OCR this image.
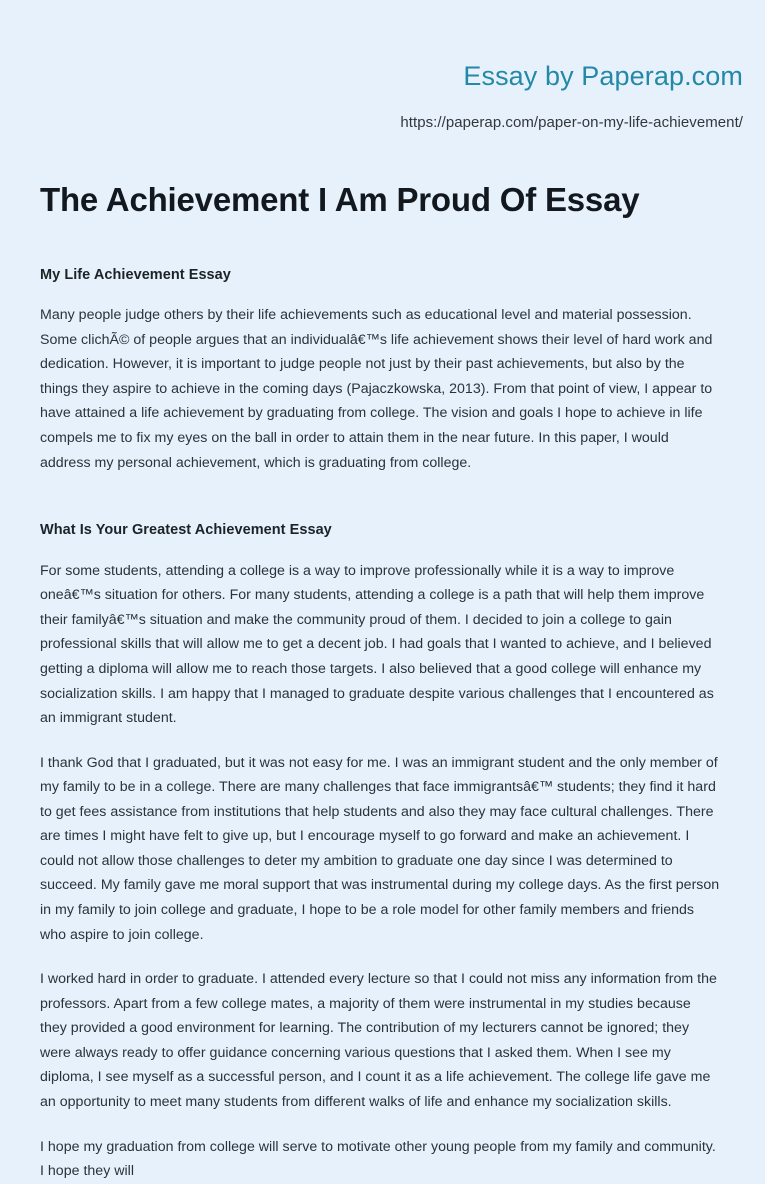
Essay by Paperap.com
https://paperap.com/paper-on-my-life-achievement/
The Achievement I Am Proud Of Essay
My Life Achievement Essay

Many people judge others by their life achievements such as educational level and material possession. Some clichÃ© of people argues that an individualâ€™s life achievement shows their level of hard work and dedication. However, it is important to judge people not just by their past achievements, but also by the things they aspire to achieve in the coming days (Pajaczkowska, 2013). From that point of view, I appear to have attained a life achievement by graduating from college. The vision and goals I hope to achieve in life compels me to fix my eyes on the ball in order to attain them in the near future. In this paper, I would address my personal achievement, which is graduating from college.

What Is Your Greatest Achievement Essay

For some students, attending a college is a way to improve professionally while it is a way to improve oneâ€™s situation for others. For many students, attending a college is a path that will help them improve their familyâ€™s situation and make the community proud of them. I decided to join a college to gain professional skills that will allow me to get a decent job. I had goals that I wanted to achieve, and I believed getting a diploma will allow me to reach those targets. I also believed that a good college will enhance my socialization skills. I am happy that I managed to graduate despite various challenges that I encountered as an immigrant student.

I thank God that I graduated, but it was not easy for me. I was an immigrant student and the only member of my family to be in a college. There are many challenges that face immigrantsâ€™ students; they find it hard to get fees assistance from institutions that help students and also they may face cultural challenges. There are times I might have felt to give up, but I encourage myself to go forward and make an achievement. I could not allow those challenges to deter my ambition to graduate one day since I was determined to succeed. My family gave me moral support that was instrumental during my college days. As the first person in my family to join college and graduate, I hope to be a role model for other family members and friends who aspire to join college.

I worked hard in order to graduate. I attended every lecture so that I could not miss any information from the professors. Apart from a few college mates, a majority of them were instrumental in my studies because they provided a good environment for learning. The contribution of my lecturers cannot be ignored; they were always ready to offer guidance concerning various questions that I asked them. When I see my diploma, I see myself as a successful person, and I count it as a life achievement. The college life gave me an opportunity to meet many students from different walks of life and enhance my socialization skills.

I hope my graduation from college will serve to motivate other young people from my family and community. I hope they will
